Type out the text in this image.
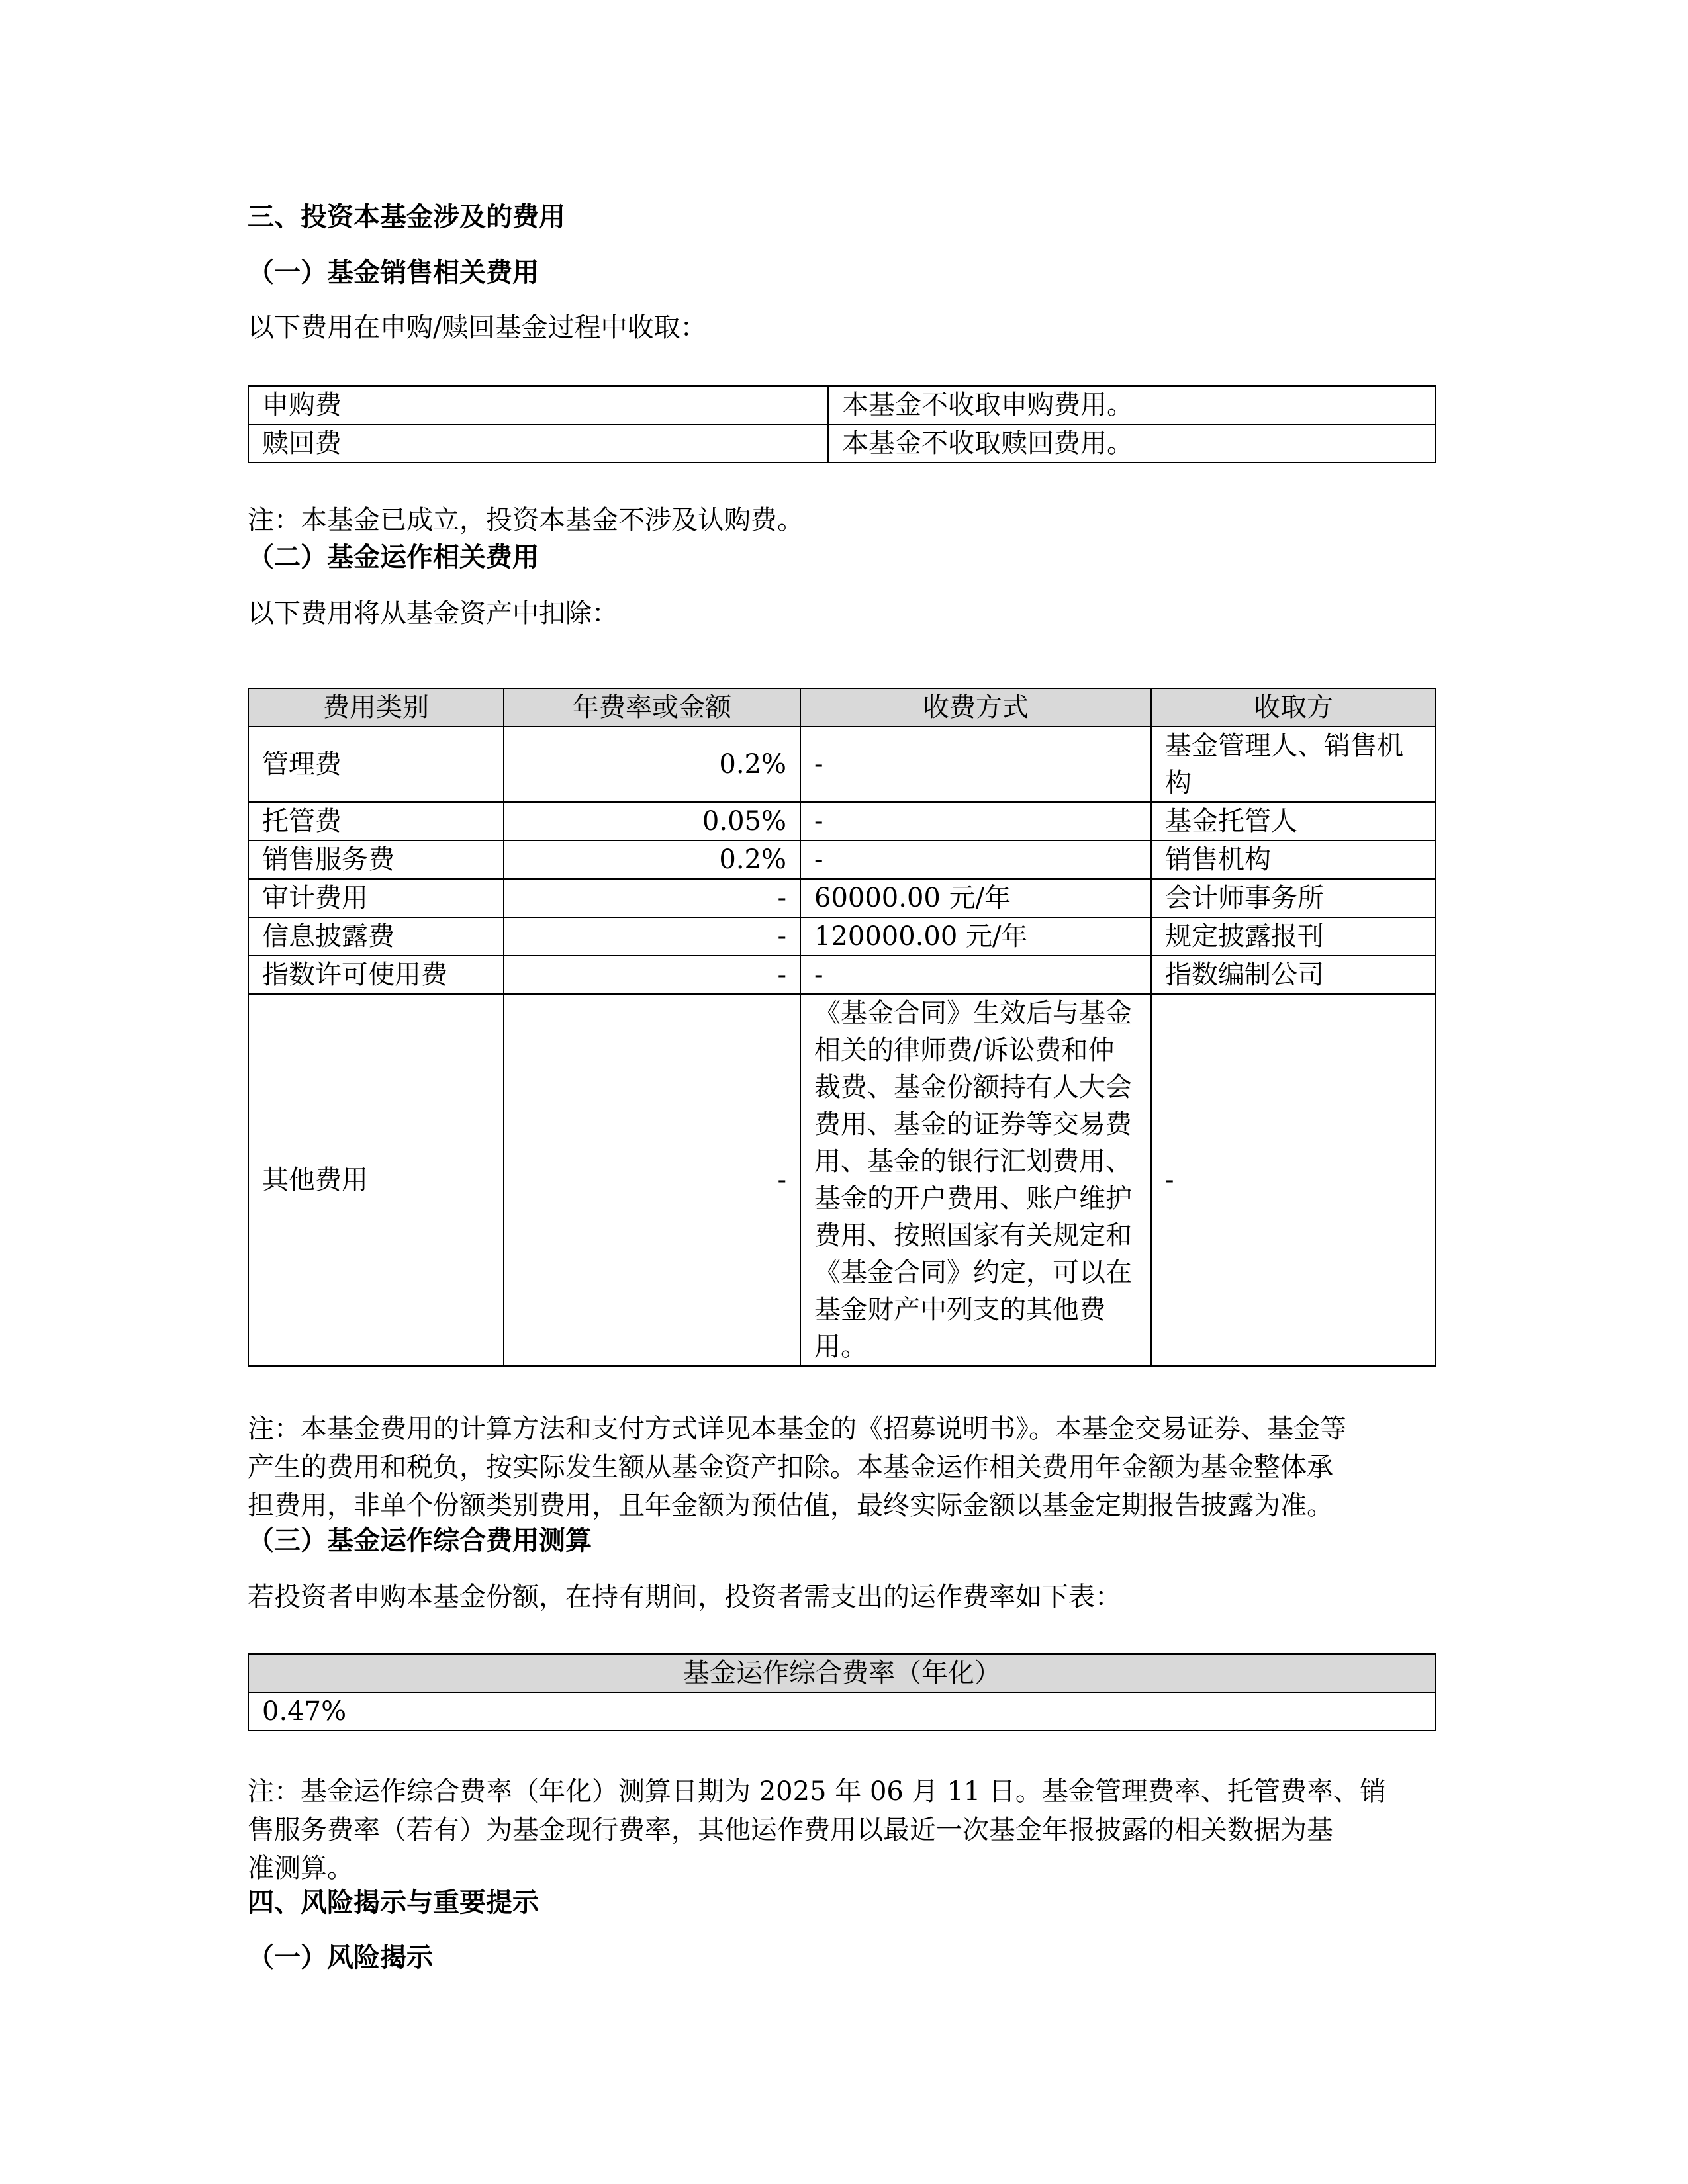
三、投资本基金涉及的费用
（一）基金销售相关费用
以下费用在申购/赎回基金过程中收取：
申购费	本基金不收取申购费用。
赎回费	本基金不收取赎回费用。
注：本基金已成立，投资本基金不涉及认购费。
（二）基金运作相关费用
以下费用将从基金资产中扣除：
费用类别	年费率或金额	收费方式	收取方
管理费	0.2%	-	基金管理人、销售机构
托管费	0.05%	-	基金托管人
销售服务费	0.2%	-	销售机构
审计费用	-	60000.00 元/年	会计师事务所
信息披露费	-	120000.00 元/年	规定披露报刊
指数许可使用费	-	-	指数编制公司
其他费用	-	《基金合同》生效后与基金相关的律师费/诉讼费和仲裁费、基金份额持有人大会费用、基金的证券等交易费用、基金的银行汇划费用、基金的开户费用、账户维护费用、按照国家有关规定和《基金合同》约定，可以在基金财产中列支的其他费用。	-
注：本基金费用的计算方法和支付方式详见本基金的《招募说明书》。本基金交易证券、基金等
产生的费用和税负，按实际发生额从基金资产扣除。本基金运作相关费用年金额为基金整体承
担费用，非单个份额类别费用，且年金额为预估值，最终实际金额以基金定期报告披露为准。
（三）基金运作综合费用测算
若投资者申购本基金份额，在持有期间，投资者需支出的运作费率如下表：
基金运作综合费率（年化）
0.47%
注：基金运作综合费率（年化）测算日期为 2025 年 06 月 11 日。基金管理费率、托管费率、销
售服务费率（若有）为基金现行费率，其他运作费用以最近一次基金年报披露的相关数据为基
准测算。
四、风险揭示与重要提示
（一）风险揭示
